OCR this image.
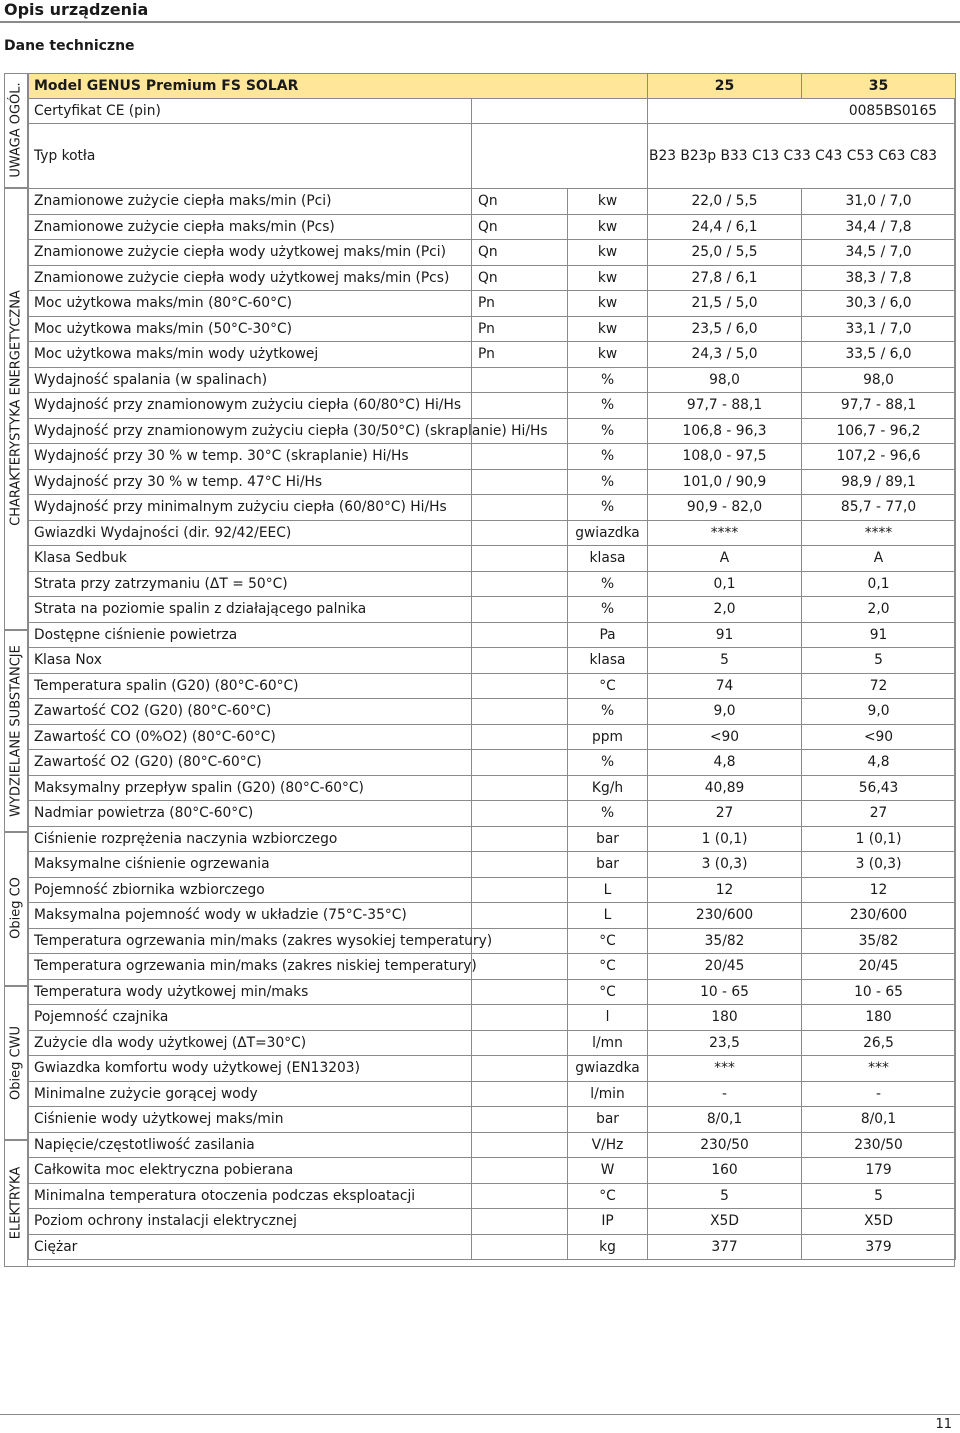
Opis urządzenia
Dane techniczne
UWAGA OGÓL.
CHARAKTERYSTYKA ENERGETYCZNA
WYDZIELANE SUBSTANCJE
Obieg CO
Obieg CWU
ELEKTRYKA
Model GENUS Premium FS SOLAR			25	35
Certyfikat CE (pin)			0085BS0165	
Typ kotła			B23 B23p B33 C13 C33 C43 C53 C63 C83	
Znamionowe zużycie ciepła maks/min (Pci)	Qn	kw	22,0 / 5,5	31,0 / 7,0
Znamionowe zużycie ciepła maks/min (Pcs)	Qn	kw	24,4 / 6,1	34,4 / 7,8
Znamionowe zużycie ciepła wody użytkowej maks/min (Pci)	Qn	kw	25,0 / 5,5	34,5 / 7,0
Znamionowe zużycie ciepła wody użytkowej maks/min (Pcs)	Qn	kw	27,8 / 6,1	38,3 / 7,8
Moc użytkowa maks/min (80°C-60°C)	Pn	kw	21,5 / 5,0	30,3 / 6,0
Moc użytkowa maks/min (50°C-30°C)	Pn	kw	23,5 / 6,0	33,1 / 7,0
Moc użytkowa maks/min wody użytkowej	Pn	kw	24,3 / 5,0	33,5 / 6,0
Wydajność spalania (w spalinach)		%	98,0	98,0
Wydajność przy znamionowym zużyciu ciepła (60/80°C) Hi/Hs		%	97,7 - 88,1	97,7 - 88,1
Wydajność przy znamionowym zużyciu ciepła (30/50°C) (skraplanie) Hi/Hs		%	106,8 - 96,3	106,7 - 96,2
Wydajność przy 30 % w temp. 30°C (skraplanie) Hi/Hs		%	108,0 - 97,5	107,2 - 96,6
Wydajność przy 30 % w temp. 47°C Hi/Hs		%	101,0 / 90,9	98,9 / 89,1
Wydajność przy minimalnym zużyciu ciepła (60/80°C) Hi/Hs		%	90,9 - 82,0	85,7 - 77,0
Gwiazdki Wydajności (dir. 92/42/EEC)		gwiazdka	****	****
Klasa Sedbuk		klasa	A	A
Strata przy zatrzymaniu (ΔT = 50°C)		%	0,1	0,1
Strata na poziomie spalin z działającego palnika		%	2,0	2,0
Dostępne ciśnienie powietrza		Pa	91	91
Klasa Nox		klasa	5	5
Temperatura spalin (G20) (80°C-60°C)		°C	74	72
Zawartość CO2 (G20) (80°C-60°C)		%	9,0	9,0
Zawartość CO (0%O2) (80°C-60°C)		ppm	<90	<90
Zawartość O2 (G20) (80°C-60°C)		%	4,8	4,8
Maksymalny przepływ spalin (G20) (80°C-60°C)		Kg/h	40,89	56,43
Nadmiar powietrza (80°C-60°C)		%	27	27
Ciśnienie rozprężenia naczynia wzbiorczego		bar	1 (0,1)	1 (0,1)
Maksymalne ciśnienie ogrzewania		bar	3 (0,3)	3 (0,3)
Pojemność zbiornika wzbiorczego		L	12	12
Maksymalna pojemność wody w układzie (75°C-35°C)		L	230/600	230/600
Temperatura ogrzewania min/maks (zakres wysokiej temperatury)		°C	35/82	35/82
Temperatura ogrzewania min/maks (zakres niskiej temperatury)		°C	20/45	20/45
Temperatura wody użytkowej min/maks		°C	10 - 65	10 - 65
Pojemność czajnika		l	180	180
Zużycie dla wody użytkowej (ΔT=30°C)		l/mn	23,5	26,5
Gwiazdka komfortu wody użytkowej (EN13203)		gwiazdka	***	***
Minimalne zużycie gorącej wody		l/min	-	-
Ciśnienie wody użytkowej maks/min		bar	8/0,1	8/0,1
Napięcie/częstotliwość zasilania		V/Hz	230/50	230/50
Całkowita moc elektryczna pobierana		W	160	179
Minimalna temperatura otoczenia podczas eksploatacji		°C	5	5
Poziom ochrony instalacji elektrycznej		IP	X5D	X5D
Ciężar		kg	377	379
11
